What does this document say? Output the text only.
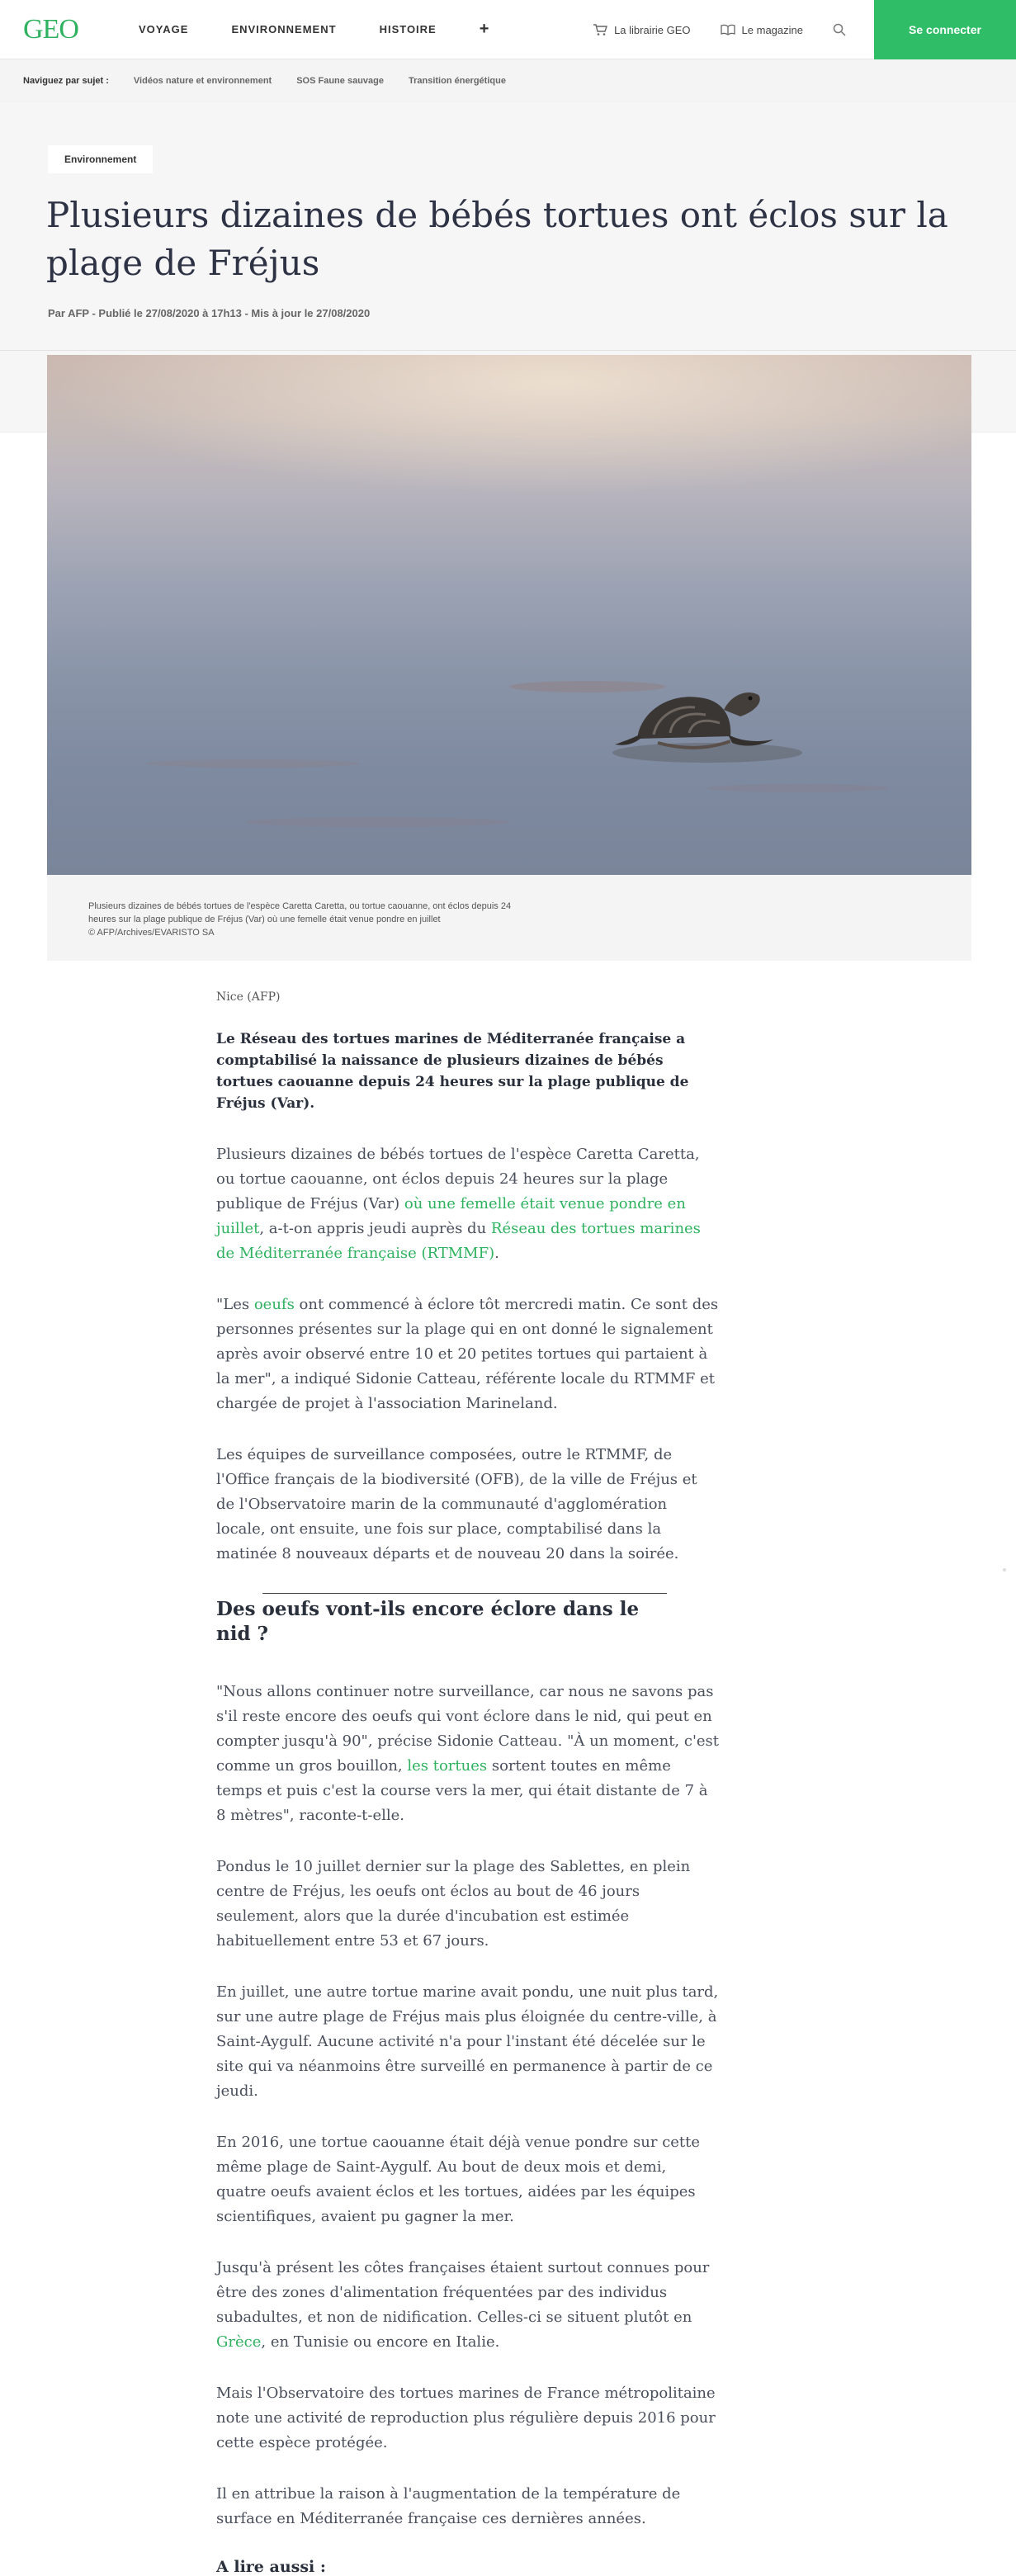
GEO	VOYAGE	ENVIRONNEMENT	HISTOIRE	+	La librairie GEO	Le magazine	Se connecter
Naviguez par sujet :	Vidéos nature et environnement	SOS Faune sauvage	Transition énergétique
Environnement
Plusieurs dizaines de bébés tortues ont éclos sur la plage de Fréjus
Par AFP - Publié le 27/08/2020 à 17h13 - Mis à jour le 27/08/2020
Plusieurs dizaines de bébés tortues de l'espèce Caretta Caretta, ou tortue caouanne, ont éclos depuis 24
heures sur la plage publique de Fréjus (Var) où une femelle était venue pondre en juillet
© AFP/Archives/EVARISTO SA
Nice (AFP)

Le Réseau des tortues marines de Méditerranée française a comptabilisé la naissance de plusieurs dizaines de bébés tortues caouanne depuis 24 heures sur la plage publique de Fréjus (Var).

Plusieurs dizaines de bébés tortues de l'espèce Caretta Caretta, ou tortue caouanne, ont éclos depuis 24 heures sur la plage publique de Fréjus (Var) où une femelle était venue pondre en juillet, a-t-on appris jeudi auprès du Réseau des tortues marines de Méditerranée française (RTMMF).

"Les oeufs ont commencé à éclore tôt mercredi matin. Ce sont des personnes présentes sur la plage qui en ont donné le signalement après avoir observé entre 10 et 20 petites tortues qui partaient à la mer", a indiqué Sidonie Catteau, référente locale du RTMMF et chargée de projet à l'association Marineland.

Les équipes de surveillance composées, outre le RTMMF, de l'Office français de la biodiversité (OFB), de la ville de Fréjus et de l'Observatoire marin de la communauté d'agglomération locale, ont ensuite, une fois sur place, comptabilisé dans la matinée 8 nouveaux départs et de nouveau 20 dans la soirée.

Des oeufs vont-ils encore éclore dans le nid ?

"Nous allons continuer notre surveillance, car nous ne savons pas s'il reste encore des oeufs qui vont éclore dans le nid, qui peut en compter jusqu'à 90", précise Sidonie Catteau. "À un moment, c'est comme un gros bouillon, les tortues sortent toutes en même temps et puis c'est la course vers la mer, qui était distante de 7 à 8 mètres", raconte-t-elle.

Pondus le 10 juillet dernier sur la plage des Sablettes, en plein centre de Fréjus, les oeufs ont éclos au bout de 46 jours seulement, alors que la durée d'incubation est estimée habituellement entre 53 et 67 jours.

En juillet, une autre tortue marine avait pondu, une nuit plus tard, sur une autre plage de Fréjus mais plus éloignée du centre-ville, à Saint-Aygulf. Aucune activité n'a pour l'instant été décelée sur le site qui va néanmoins être surveillé en permanence à partir de ce jeudi.

En 2016, une tortue caouanne était déjà venue pondre sur cette même plage de Saint-Aygulf. Au bout de deux mois et demi, quatre oeufs avaient éclos et les tortues, aidées par les équipes scientifiques, avaient pu gagner la mer.

Jusqu'à présent les côtes françaises étaient surtout connues pour être des zones d'alimentation fréquentées par des individus subadultes, et non de nidification. Celles-ci se situent plutôt en Grèce, en Tunisie ou encore en Italie.

Mais l'Observatoire des tortues marines de France métropolitaine note une activité de reproduction plus régulière depuis 2016 pour cette espèce protégée.

Il en attribue la raison à l'augmentation de la température de surface en Méditerranée française ces dernières années.

A lire aussi :
